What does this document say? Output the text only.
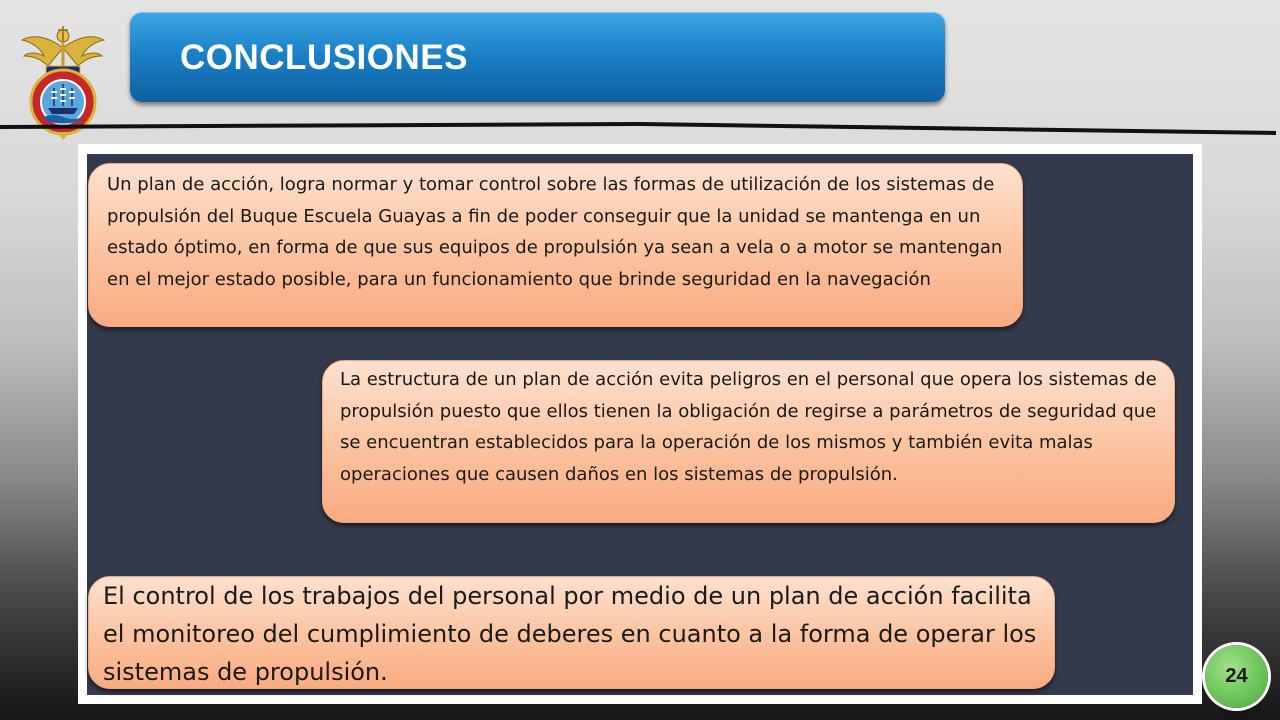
CONCLUSIONES
Un plan de acción, logra normar y tomar control sobre las formas de utilización de los sistemas de propulsión del Buque Escuela Guayas a fin de poder conseguir que la unidad se mantenga en un estado óptimo, en forma de que sus equipos de propulsión ya sean a vela o a motor se mantengan en el mejor estado posible, para un funcionamiento que brinde seguridad en la navegación
La estructura de un plan de acción evita peligros en el personal que opera los sistemas de propulsión puesto que ellos tienen la obligación de regirse a parámetros de seguridad que se encuentran establecidos para la operación de los mismos y también evita malas operaciones que causen daños en los sistemas de propulsión.
El control de los trabajos del personal por medio de un plan de acción facilita el monitoreo del cumplimiento de deberes en cuanto a la forma de operar los sistemas de propulsión.	24
